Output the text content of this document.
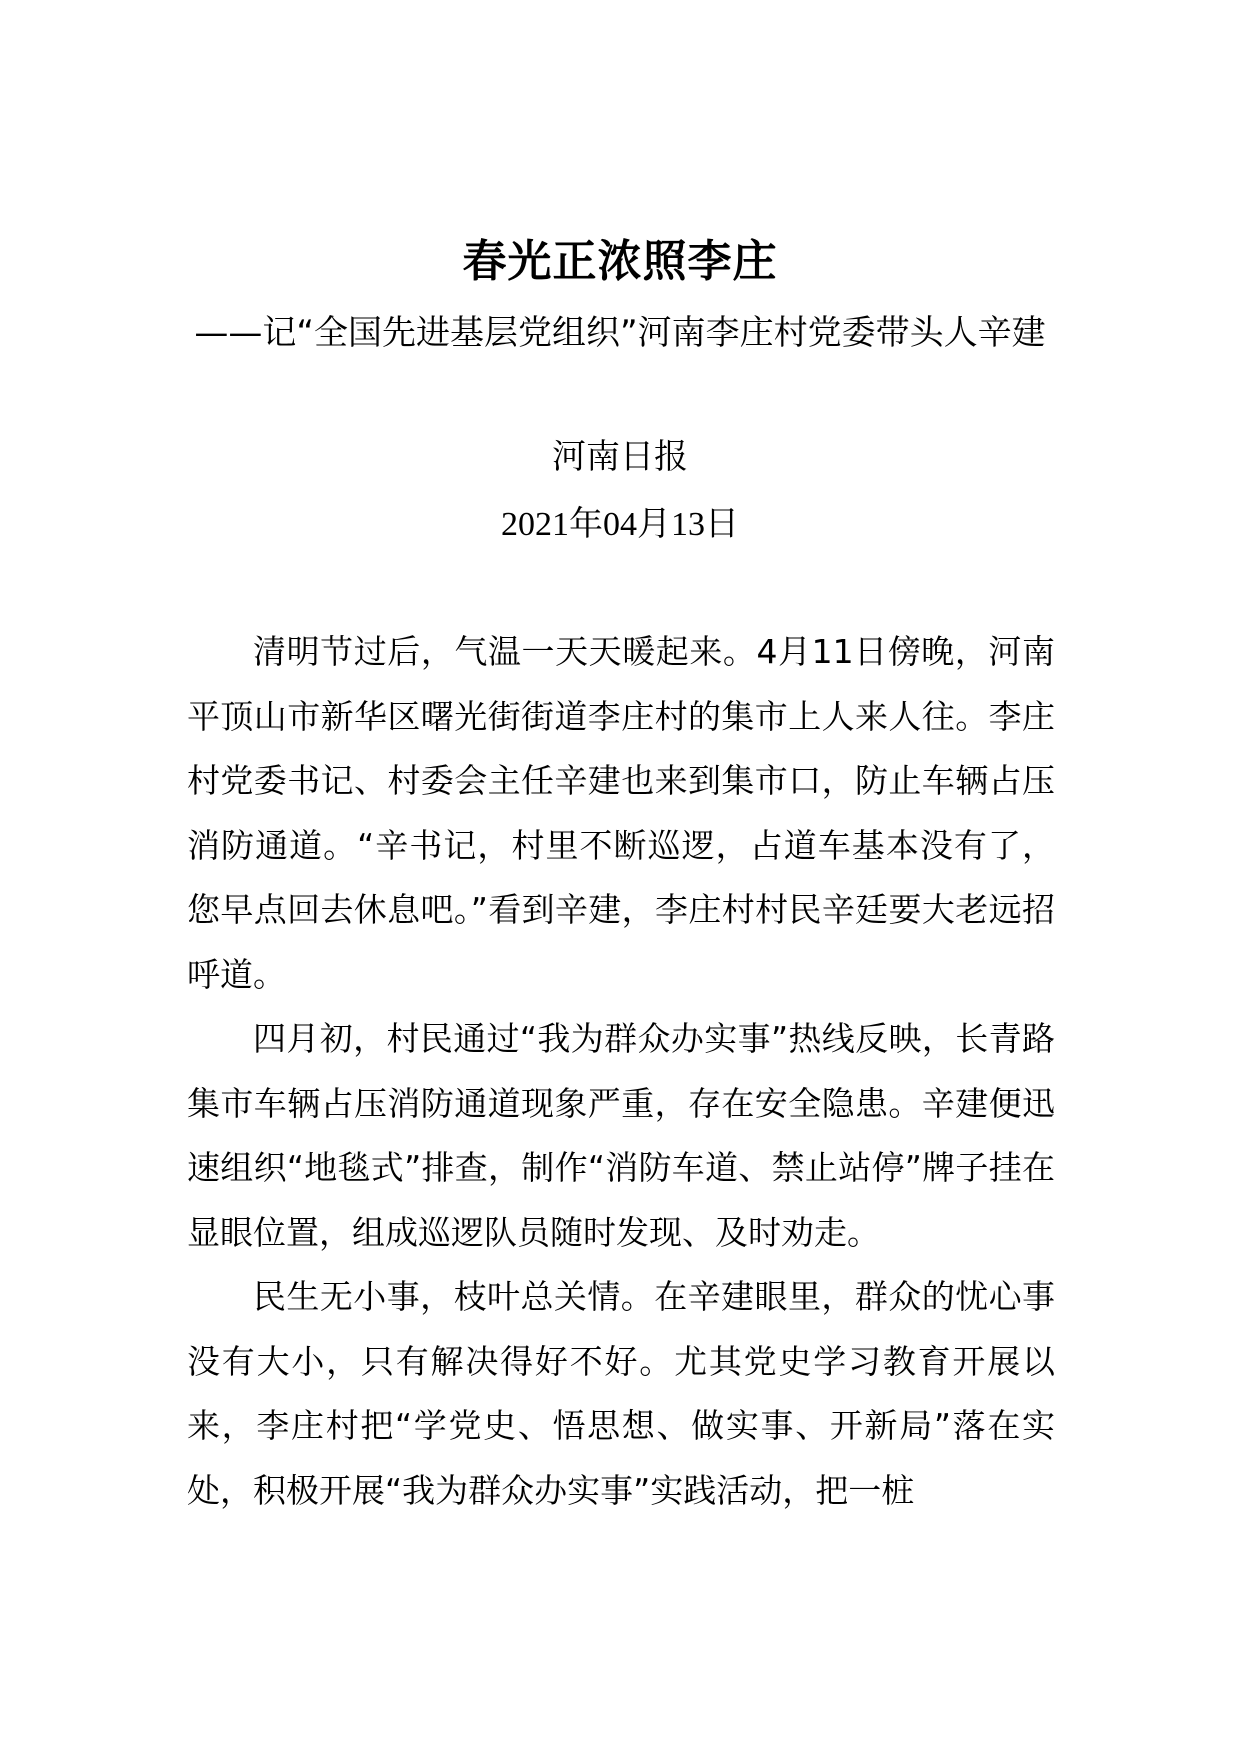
春光正浓照李庄
——记“全国先进基层党组织”河南李庄村党委带头人辛建
河南日报
2021年04月13日

清明节过后，气温一天天暖起来。4月11日傍晚，河南平顶山市新华区曙光街街道李庄村的集市上人来人往。李庄村党委书记、村委会主任辛建也来到集市口，防止车辆占压消防通道。“辛书记，村里不断巡逻，占道车基本没有了，您早点回去休息吧。”看到辛建，李庄村村民辛廷要大老远招呼道。

四月初，村民通过“我为群众办实事”热线反映，长青路集市车辆占压消防通道现象严重，存在安全隐患。辛建便迅速组织“地毯式”排查，制作“消防车道、禁止站停”牌子挂在显眼位置，组成巡逻队员随时发现、及时劝走。

民生无小事，枝叶总关情。在辛建眼里，群众的忧心事没有大小，只有解决得好不好。尤其党史学习教育开展以来，李庄村把“学党史、悟思想、做实事、开新局”落在实处，积极开展“我为群众办实事”实践活动，把一桩
